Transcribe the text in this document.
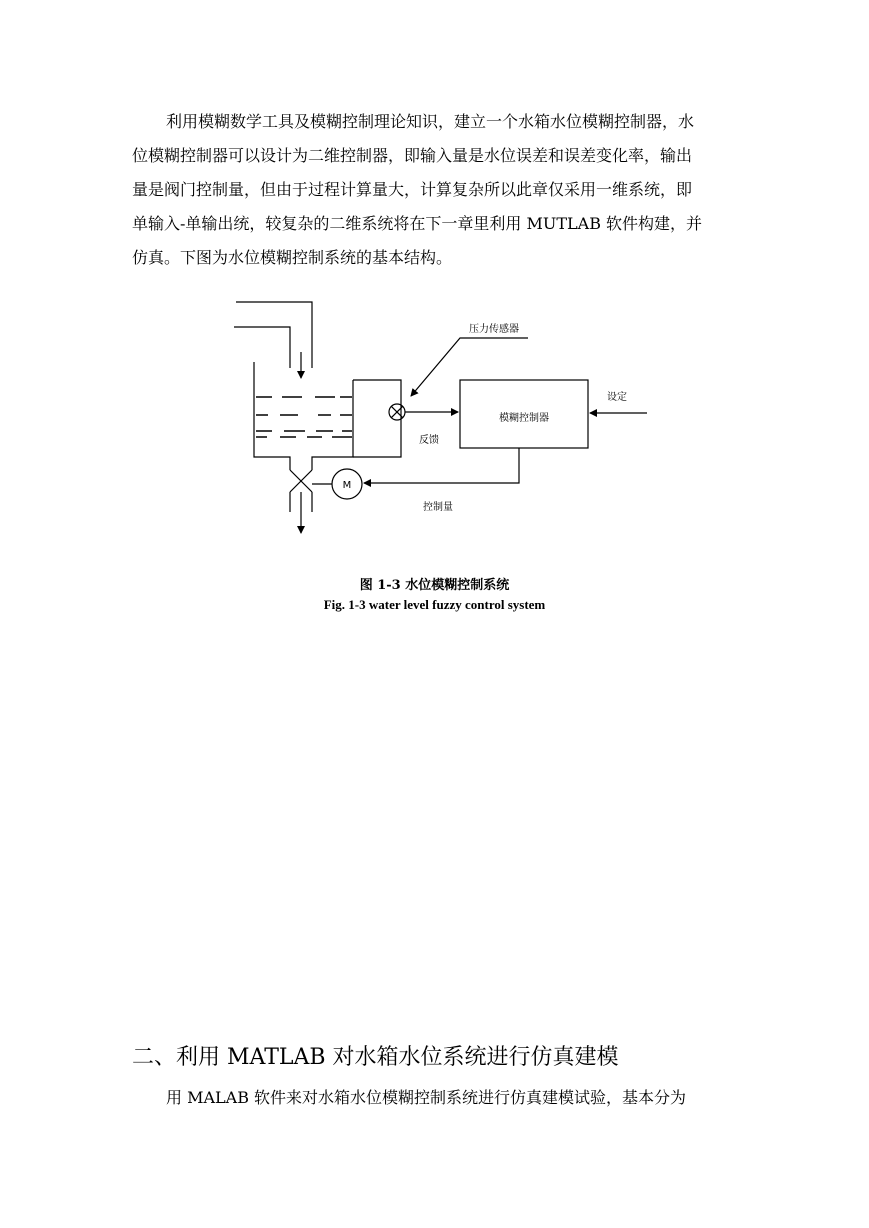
利用模糊数学工具及模糊控制理论知识，建立一个水箱水位模糊控制器，水
位模糊控制器可以设计为二维控制器，即输入量是水位误差和误差变化率，输出
量是阀门控制量，但由于过程计算量大，计算复杂所以此章仅采用一维系统，即
单输入-单输出统，较复杂的二维系统将在下一章里利用 MUTLAB 软件构建，并
仿真。下图为水位模糊控制系统的基本结构。

压力传感器
设定
模糊控制器
反馈
M
控制量

图 1-3 水位模糊控制系统

Fig. 1-3 water level fuzzy control system

二、利用 MATLAB 对水箱水位系统进行仿真建模

用 MALAB 软件来对水箱水位模糊控制系统进行仿真建模试验，基本分为
